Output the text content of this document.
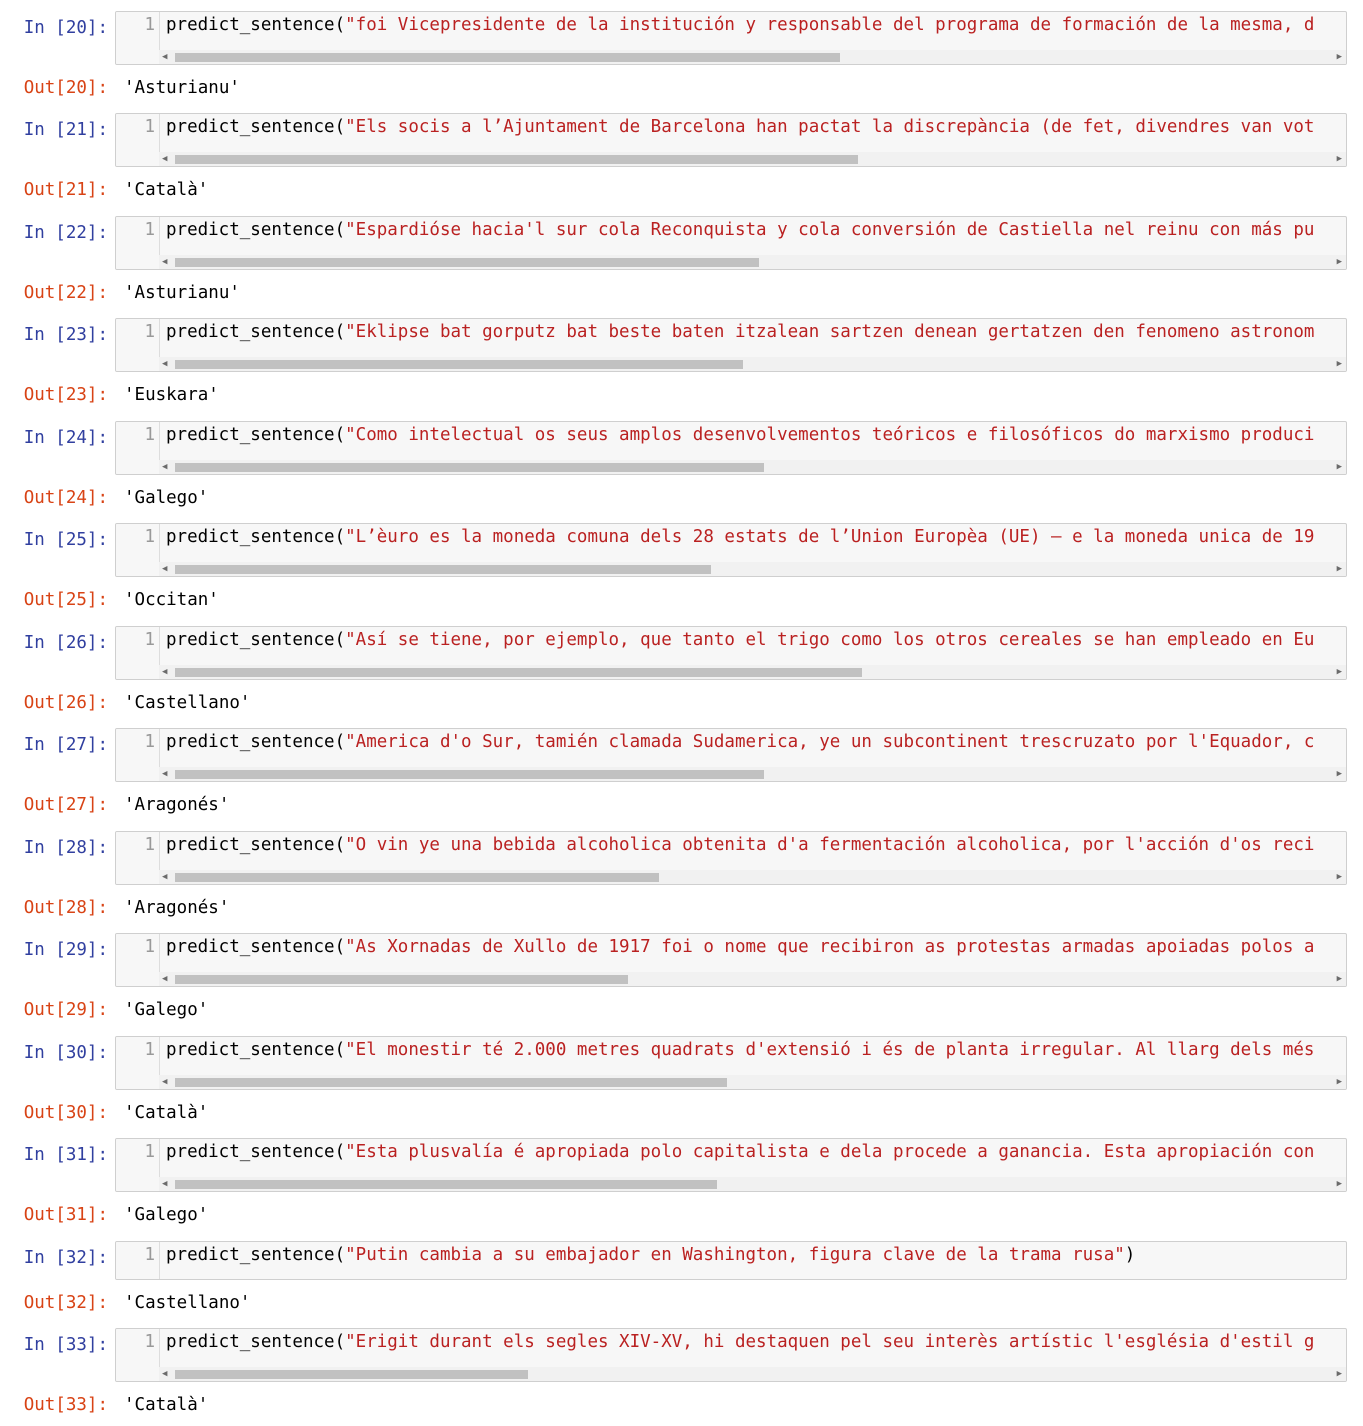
In [20]: 1 predict_sentence("foi Vicepresidente de la institución y responsable del programa de formación de la mesma, d
◀	▶
Out[20]: 'Asturianu'
In [21]: 1 predict_sentence("Els socis a l’Ajuntament de Barcelona han pactat la discrepància (de fet, divendres van vot
◀	▶
Out[21]: 'Català'
In [22]: 1 predict_sentence("Espardióse hacia'l sur cola Reconquista y cola conversión de Castiella nel reinu con más pu
◀	▶
Out[22]: 'Asturianu'
In [23]: 1 predict_sentence("Eklipse bat gorputz bat beste baten itzalean sartzen denean gertatzen den fenomeno astronom
◀	▶
Out[23]: 'Euskara'
In [24]: 1 predict_sentence("Como intelectual os seus amplos desenvolvementos teóricos e filosóficos do marxismo produci
◀	▶
Out[24]: 'Galego'
In [25]: 1 predict_sentence("L’èuro es la moneda comuna dels 28 estats de l’Union Europèa (UE) — e la moneda unica de 19
◀	▶
Out[25]: 'Occitan'
In [26]: 1 predict_sentence("Así se tiene, por ejemplo, que tanto el trigo como los otros cereales se han empleado en Eu
◀	▶
Out[26]: 'Castellano'
In [27]: 1 predict_sentence("America d'o Sur, tamién clamada Sudamerica, ye un subcontinent trescruzato por l'Equador, c
◀	▶
Out[27]: 'Aragonés'
In [28]: 1 predict_sentence("O vin ye una bebida alcoholica obtenita d'a fermentación alcoholica, por l'acción d'os reci
◀	▶
Out[28]: 'Aragonés'
In [29]: 1 predict_sentence("As Xornadas de Xullo de 1917 foi o nome que recibiron as protestas armadas apoiadas polos a
◀	▶
Out[29]: 'Galego'
In [30]: 1 predict_sentence("El monestir té 2.000 metres quadrats d'extensió i és de planta irregular. Al llarg dels més
◀	▶
Out[30]: 'Català'
In [31]: 1 predict_sentence("Esta plusvalía é apropiada polo capitalista e dela procede a ganancia. Esta apropiación con
◀	▶
Out[31]: 'Galego'
In [32]: 1 predict_sentence("Putin cambia a su embajador en Washington, figura clave de la trama rusa")
Out[32]: 'Castellano'
In [33]: 1 predict_sentence("Erigit durant els segles XIV-XV, hi destaquen pel seu interès artístic l'església d'estil g
◀	▶
Out[33]: 'Català'
